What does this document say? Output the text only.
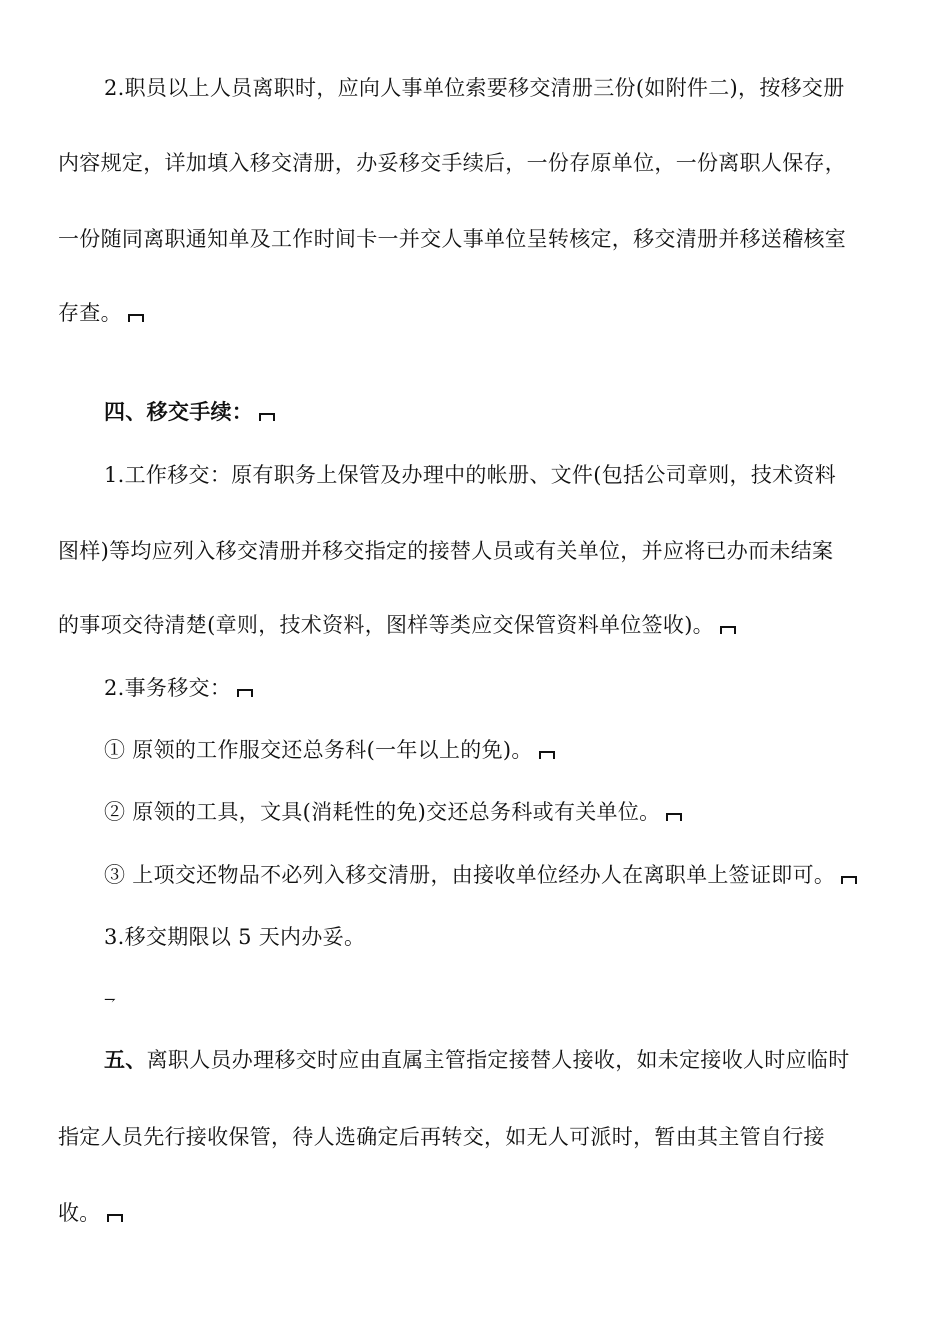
2.职员以上人员离职时，应向人事单位索要移交清册三份(如附件二)，按移交册
内容规定，详加填入移交清册，办妥移交手续后，一份存原单位，一份离职人保存，
一份随同离职通知单及工作时间卡一并交人事单位呈转核定，移交清册并移送稽核室
存查。
四、移交手续：
1.工作移交：原有职务上保管及办理中的帐册、文件(包括公司章则，技术资料
图样)等均应列入移交清册并移交指定的接替人员或有关单位，并应将已办而未结案
的事项交待清楚(章则，技术资料，图样等类应交保管资料单位签收)。
2.事务移交：
① 原领的工作服交还总务科(一年以上的免)。
② 原领的工具，文具(消耗性的免)交还总务科或有关单位。
③ 上项交还物品不必列入移交清册，由接收单位经办人在离职单上签证即可。
3.移交期限以 5 天内办妥。
⇁
五、离职人员办理移交时应由直属主管指定接替人接收，如未定接收人时应临时
指定人员先行接收保管，待人选确定后再转交，如无人可派时，暂由其主管自行接
收。
